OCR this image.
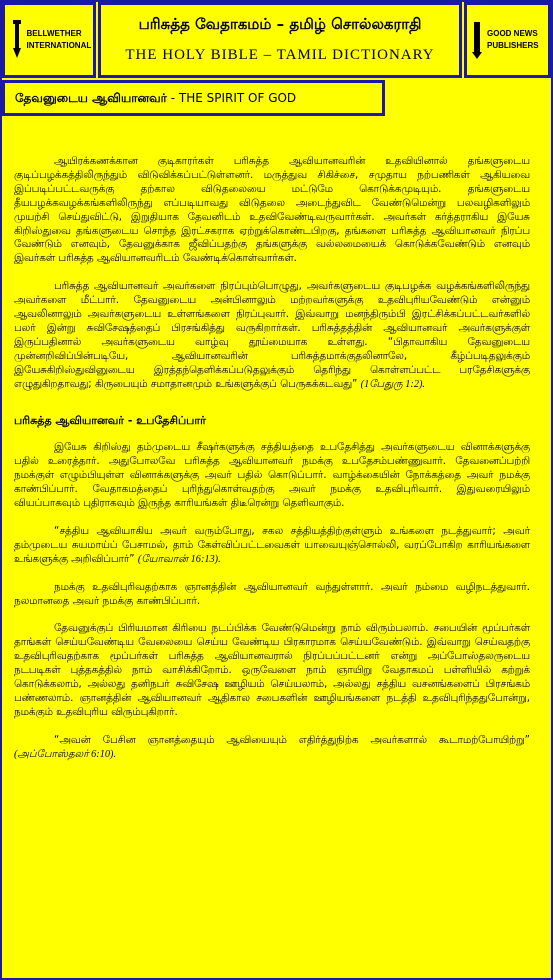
BELLWETHER INTERNATIONAL
பரிசுத்த வேதாகமம் – தமிழ் சொல்லகராதி
THE HOLY BIBLE – TAMIL DICTIONARY
GOOD NEWS PUBLISHERS
தேவனுடைய ஆவியானவர் - THE SPIRIT OF GOD

ஆயிரக்கணக்கான குடிகாரர்கள் பரிசுத்த ஆவியானவரின் உதவியினால் தங்களுடைய குடிப்பழக்கத்திலிருந்தும் விடுவிக்கப்பட்டுள்ளனர். மருத்துவ சிகிச்சை, சமுதாய நற்பணிகள் ஆகியவை இப்படிப்பட்டவருக்கு தற்கால விடுதலையை மட்டுமே கொடுக்கமுடியும். தங்களுடைய தீயபழக்கவழக்கங்களிலிருந்து எப்படியாவது விடுதலை அடைந்துவிட வேண்டுமென்று பலவழிகளிலும் முயற்சி செய்துவிட்டு, இறுதியாக தேவனிடம் உதவிவேண்டிவருவார்கள். அவர்கள் கர்த்தராகிய இயேசு கிறிஸ்துவை தங்களுடைய சொந்த இரட்சகராக ஏற்றுக்கொண்டபிறகு, தங்களை பரிசுத்த ஆவியானவர் நிரப்ப வேண்டும் எனவும், தேவனுக்காக ஜீவிப்பதற்கு தங்களுக்கு வல்லமையைக் கொடுக்கவேண்டும் எனவும் இவர்கள் பரிசுத்த ஆவியானவரிடம் வேண்டிக்கொள்வார்கள்.

பரிசுத்த ஆவியானவர் அவர்களை நிரப்பும்பொழுது, அவர்களுடைய குடிபழக்க வழக்கங்களிலிருந்து அவர்களை மீட்பார். தேவனுடைய அன்பினாலும் மற்றவர்களுக்கு உதவிபுரியவேண்டும் என்னும் ஆவலினாலும் அவர்களுடைய உள்ளங்களை நிரப்புவார். இவ்வாறு மனந்திரும்பி இரட்சிக்கப்பட்டவர்களில் பலர் இன்று சுவிசேஷத்தைப் பிரசங்கித்து வருகிறார்கள். பரிசுத்தத்தின் ஆவியானவர் அவர்களுக்குள் இருப்பதினால் அவர்களுடைய வாழ்வு தூய்மையாக உள்ளது. “பிதாவாகிய தேவனுடைய முன்னறிவிப்பின்படியே, ஆவியானவரின் பரிசுத்தமாக்குதலினாலே, கீழ்ப்படிதலுக்கும் இயேசுகிறிஸ்துவினுடைய இரத்தந்தெளிக்கப்படுதலுக்கும் தெரிந்து கொள்ளப்பட்ட பரதேசிகளுக்கு எழுதுகிறதாவது; கிருபையும் சமாதானமும் உங்களுக்குப் பெருகக்கடவது” (1பேதுரு 1:2).

பரிசுத்த ஆவியானவர் - உபதேசிப்பார்

இயேசு கிறிஸ்து தம்முடைய சீஷர்களுக்கு சத்தியத்தை உபதேசித்து அவர்களுடைய வினாக்களுக்கு பதில் உரைத்தார். அதுபோலவே பரிசுத்த ஆவியானவர் நமக்கு உபதேசம்பண்ணுவார். தேவனைப்பற்றி நமக்குள் எழும்பியுள்ள வினாக்களுக்கு அவர் பதில் கொடுப்பார். வாழ்க்கையின் நோக்கத்தை அவர் நமக்கு காண்பிப்பார். வேதாகமத்தைப் புரிந்துகொள்வதற்கு அவர் நமக்கு உதவிபுரிவார். இதுவரையிலும் வியப்பாகவும் புதிராகவும் இருந்த காரியங்கள் திடீரென்று தெளிவாகும்.

“சத்திய ஆவியாகிய அவர் வரும்போது, சகல சத்தியத்திற்குள்ளும் உங்களை நடத்துவார்; அவர் தம்முடைய சுயமாய்ப் பேசாமல், தாம் கேள்விப்பட்டவைகள் யாவையுஞ்சொல்லி, வரப்போகிற காரியங்களை உங்களுக்கு அறிவிப்பார்” (யோவான் 16:13).

நமக்கு உதவிபுரிவதற்காக ஞானத்தின் ஆவியானவர் வந்துள்ளார். அவர் நம்மை வழிநடத்துவார். நலமானதை அவர் நமக்கு காண்பிப்பார்.

தேவனுக்குப் பிரியமான கிரியை நடப்பிக்க வேண்டுமென்று நாம் விரும்பலாம். சபையின் மூப்பர்கள் தாங்கள் செய்யவேண்டிய வேலையை செய்ய வேண்டிய பிரகாரமாக செய்யவேண்டும். இவ்வாறு செய்வதற்கு உதவிபுரிவதற்காக மூப்பர்கள் பரிசுத்த ஆவியானவரால் நிரப்பப்பட்டனர் என்று அப்போஸ்தலருடைய நடபடிகள் புத்தகத்தில் நாம் வாசிக்கிறோம். ஒருவேளை நாம் ஞாயிறு வேதாகமப் பள்ளியில் கற்றுக் கொடுக்கலாம், அல்லது தனிநபர் சுவிசேஷ ஊழியம் செய்யலாம், அல்லது சத்திய வசனங்களைப் பிரசங்கம் பண்ணலாம். ஞானத்தின் ஆவியானவர் ஆதிகால சபைகளின் ஊழியங்களை நடத்தி உதவிபுரிந்ததுபோன்று, நமக்கும் உதவிபுரிய விரும்புகிறார்.

“அவன் பேசின ஞானத்தையும் ஆவியையும் எதிர்த்துநிற்க அவர்களால் கூடாமற்போயிற்று” (அப்போஸ்தலர் 6:10).
